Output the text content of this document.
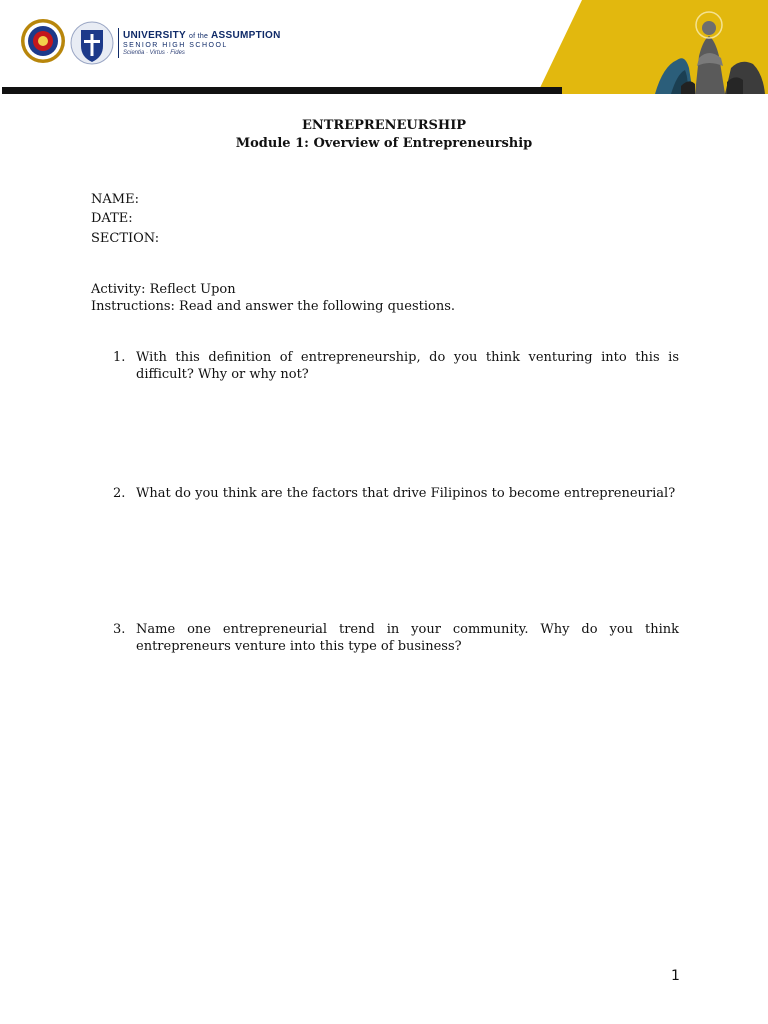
UNIVERSITY of the ASSUMPTION
SENIOR HIGH SCHOOL
Scientia · Virtus · Fides
ENTREPRENEURSHIP
Module 1: Overview of Entrepreneurship
NAME:
DATE:
SECTION:
Activity: Reflect Upon
Instructions: Read and answer the following questions.
1. With this definition of entrepreneurship, do you think venturing into this is difficult? Why or why not?
2. What do you think are the factors that drive Filipinos to become entrepreneurial?
3. Name one entrepreneurial trend in your community. Why do you think entrepreneurs venture into this type of business?
1
